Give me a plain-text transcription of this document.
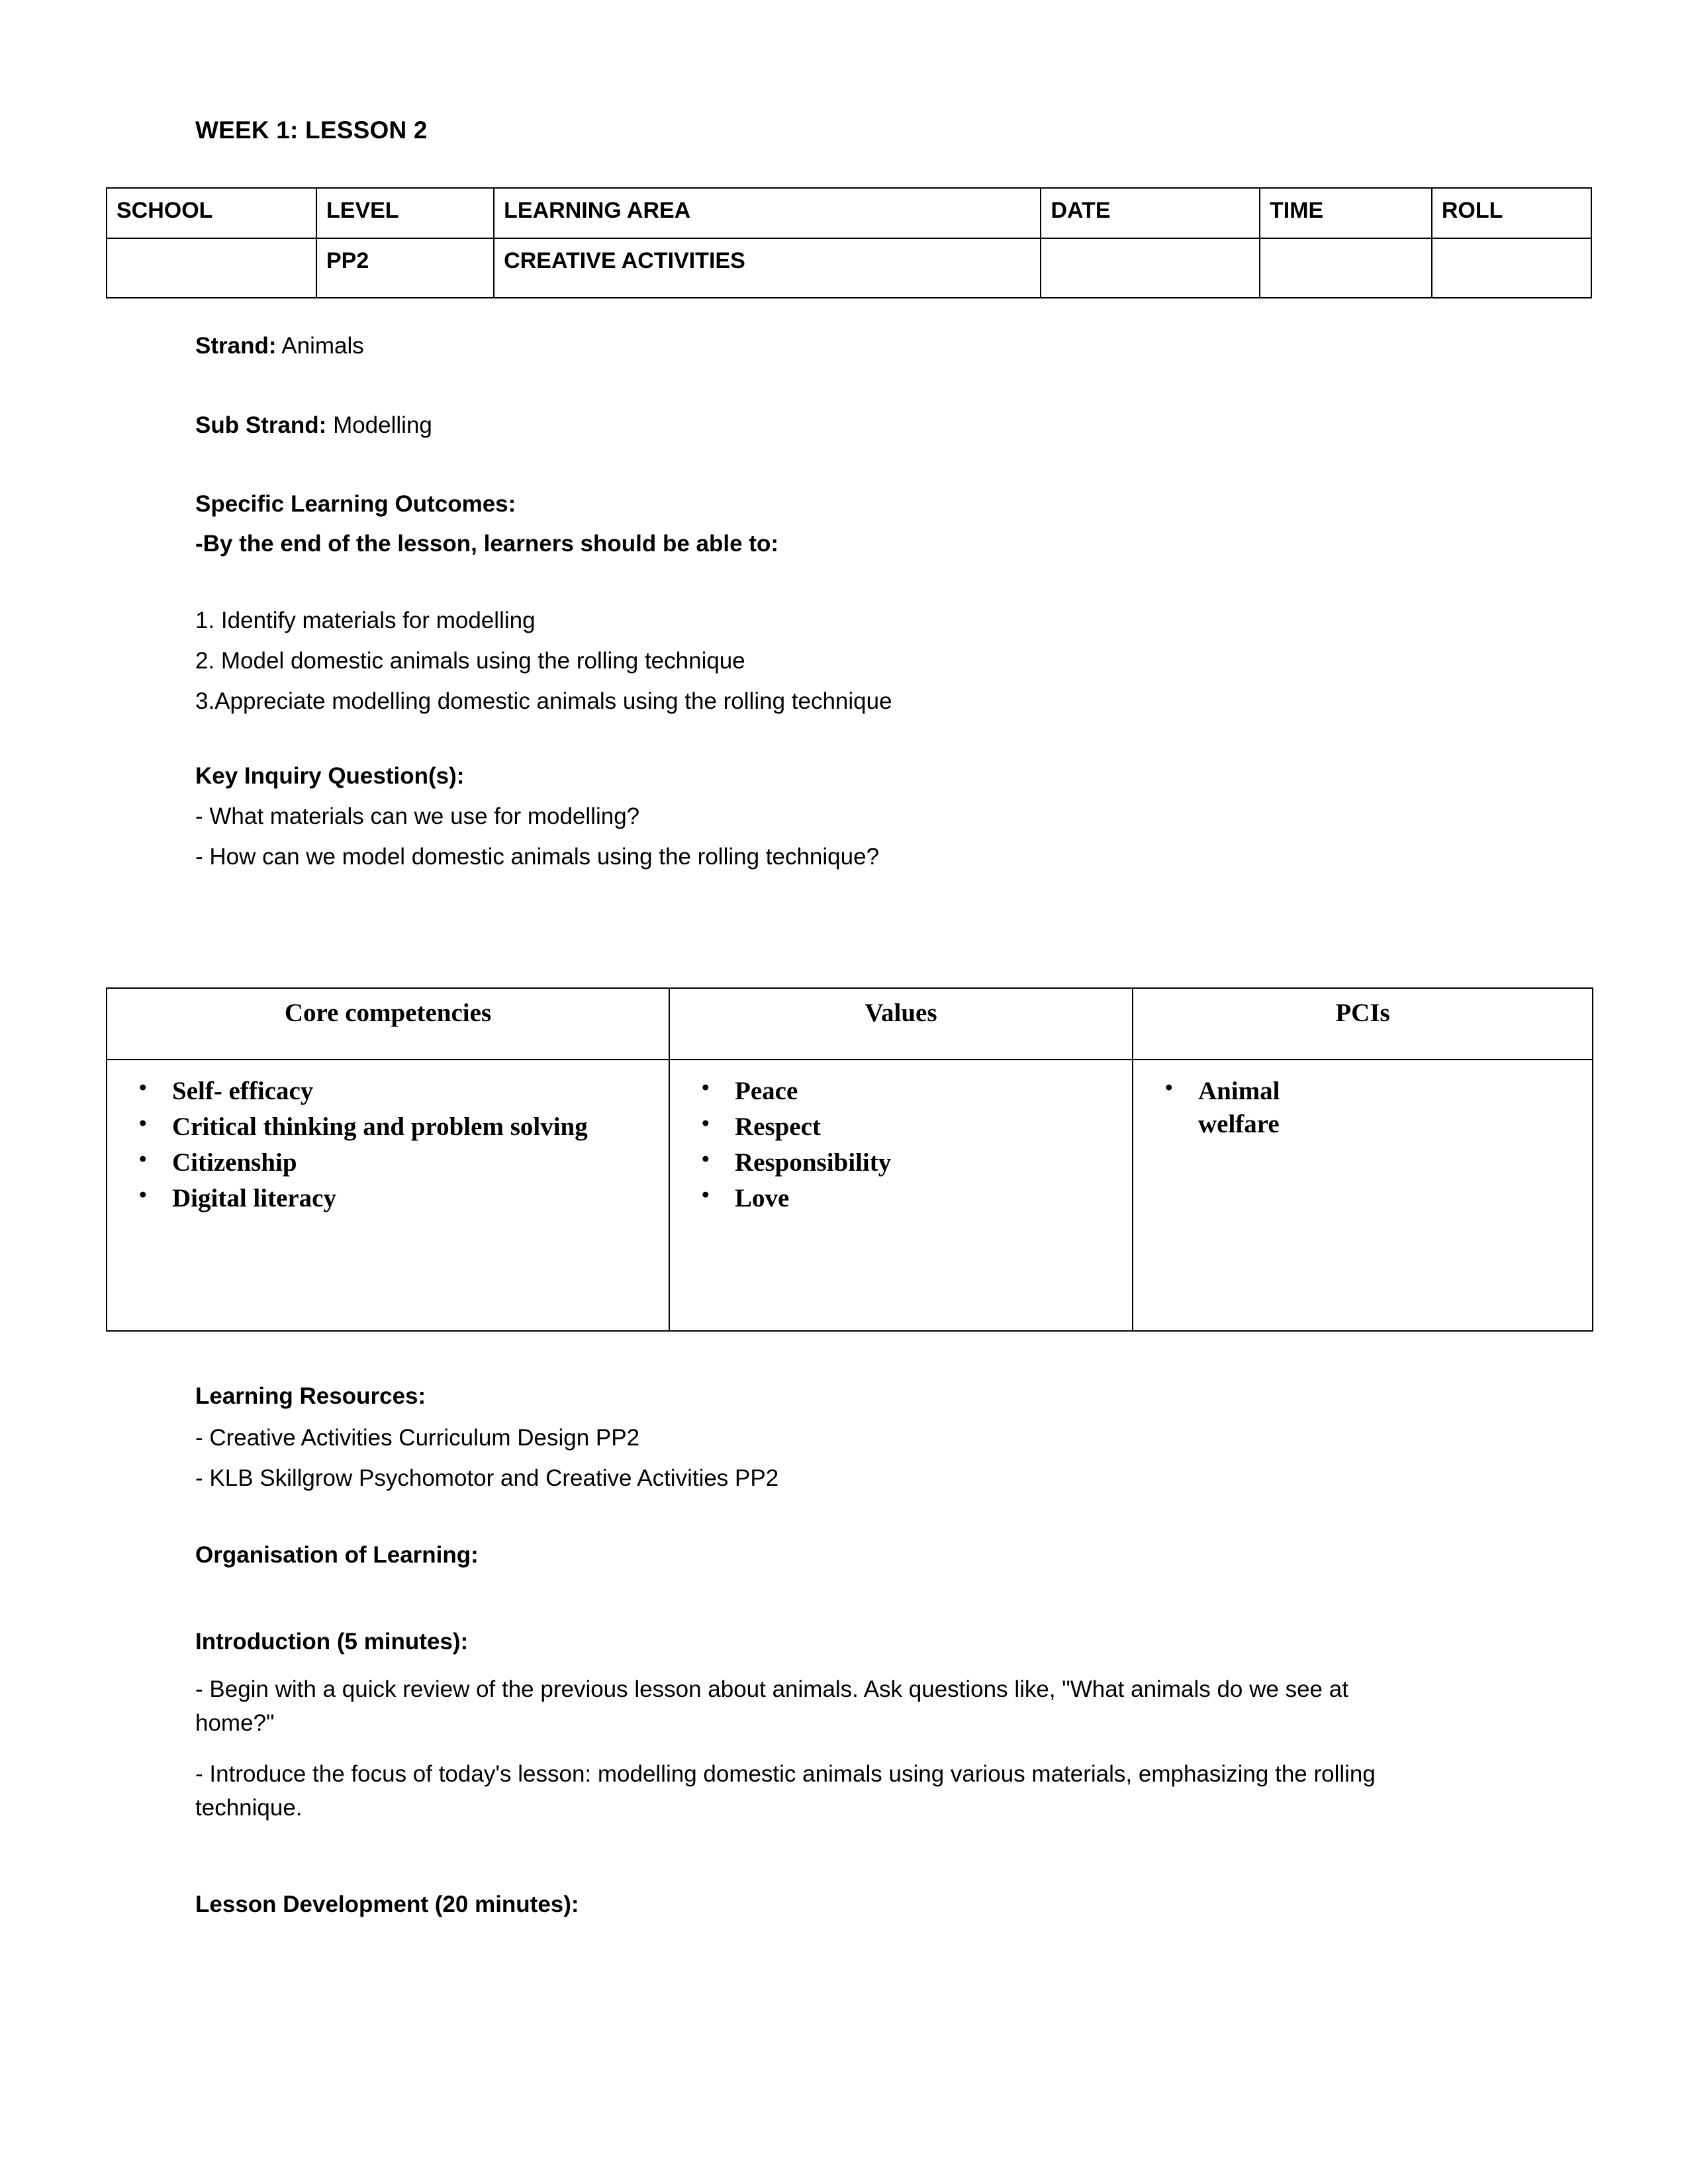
WEEK 1: LESSON 2
SCHOOL	LEVEL	LEARNING AREA	DATE	TIME	ROLL
	PP2	CREATIVE ACTIVITIES			
Strand: Animals
Sub Strand: Modelling
Specific Learning Outcomes:
-By the end of the lesson, learners should be able to:
1. Identify materials for modelling
2. Model domestic animals using the rolling technique
3.Appreciate modelling domestic animals using the rolling technique
Key Inquiry Question(s):
- What materials can we use for modelling?
- How can we model domestic animals using the rolling technique?
Core competencies	Values	PCIs

• Self- efficacy
• Critical thinking and problem solving
• Citizenship
• Digital literacy

• Peace
• Respect
• Responsibility
• Love

• Animal welfare
Learning Resources:
- Creative Activities Curriculum Design PP2
- KLB Skillgrow Psychomotor and Creative Activities PP2
Organisation of Learning:
Introduction (5 minutes):
- Begin with a quick review of the previous lesson about animals. Ask questions like, "What animals do we see at home?"
- Introduce the focus of today's lesson: modelling domestic animals using various materials, emphasizing the rolling technique.
Lesson Development (20 minutes):
